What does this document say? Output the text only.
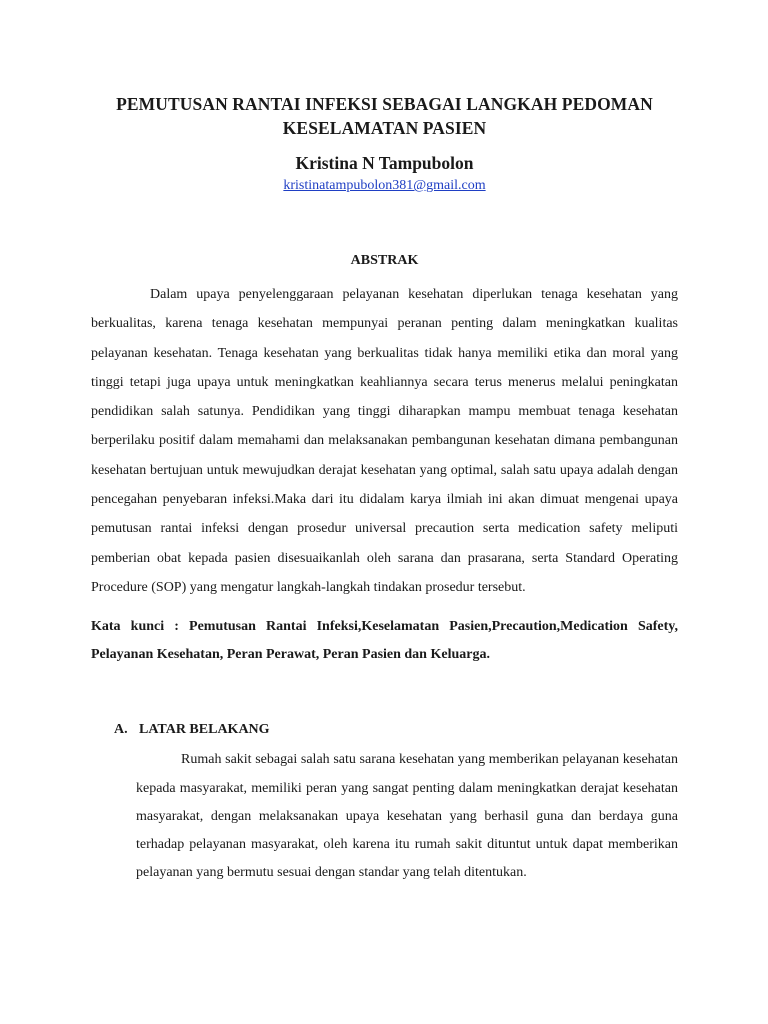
PEMUTUSAN RANTAI INFEKSI SEBAGAI LANGKAH PEDOMAN
KESELAMATAN PASIEN

Kristina N Tampubolon

kristinatampubolon381@gmail.com
ABSTRAK

Dalam upaya penyelenggaraan pelayanan kesehatan diperlukan tenaga kesehatan yang berkualitas, karena tenaga kesehatan mempunyai peranan penting dalam meningkatkan kualitas pelayanan kesehatan. Tenaga kesehatan yang berkualitas tidak hanya memiliki etika dan moral yang tinggi tetapi juga upaya untuk meningkatkan keahliannya secara terus menerus melalui peningkatan pendidikan salah satunya. Pendidikan yang tinggi diharapkan mampu membuat tenaga kesehatan berperilaku positif dalam memahami dan melaksanakan pembangunan kesehatan dimana pembangunan kesehatan bertujuan untuk mewujudkan derajat kesehatan yang optimal, salah satu upaya adalah dengan pencegahan penyebaran infeksi.Maka dari itu didalam karya ilmiah ini akan dimuat mengenai upaya pemutusan rantai infeksi dengan prosedur universal precaution serta medication safety meliputi pemberian obat kepada pasien disesuaikanlah oleh sarana dan prasarana, serta Standard Operating Procedure (SOP) yang mengatur langkah-langkah tindakan prosedur tersebut.

Kata kunci : Pemutusan Rantai Infeksi,Keselamatan Pasien,Precaution,Medication Safety, Pelayanan Kesehatan, Peran Perawat, Peran Pasien dan Keluarga.

A. LATAR BELAKANG

Rumah sakit sebagai salah satu sarana kesehatan yang memberikan pelayanan kesehatan kepada masyarakat, memiliki peran yang sangat penting dalam meningkatkan derajat kesehatan masyarakat, dengan melaksanakan upaya kesehatan yang berhasil guna dan berdaya guna terhadap pelayanan masyarakat, oleh karena itu rumah sakit dituntut untuk dapat memberikan pelayanan yang bermutu sesuai dengan standar yang telah ditentukan.
